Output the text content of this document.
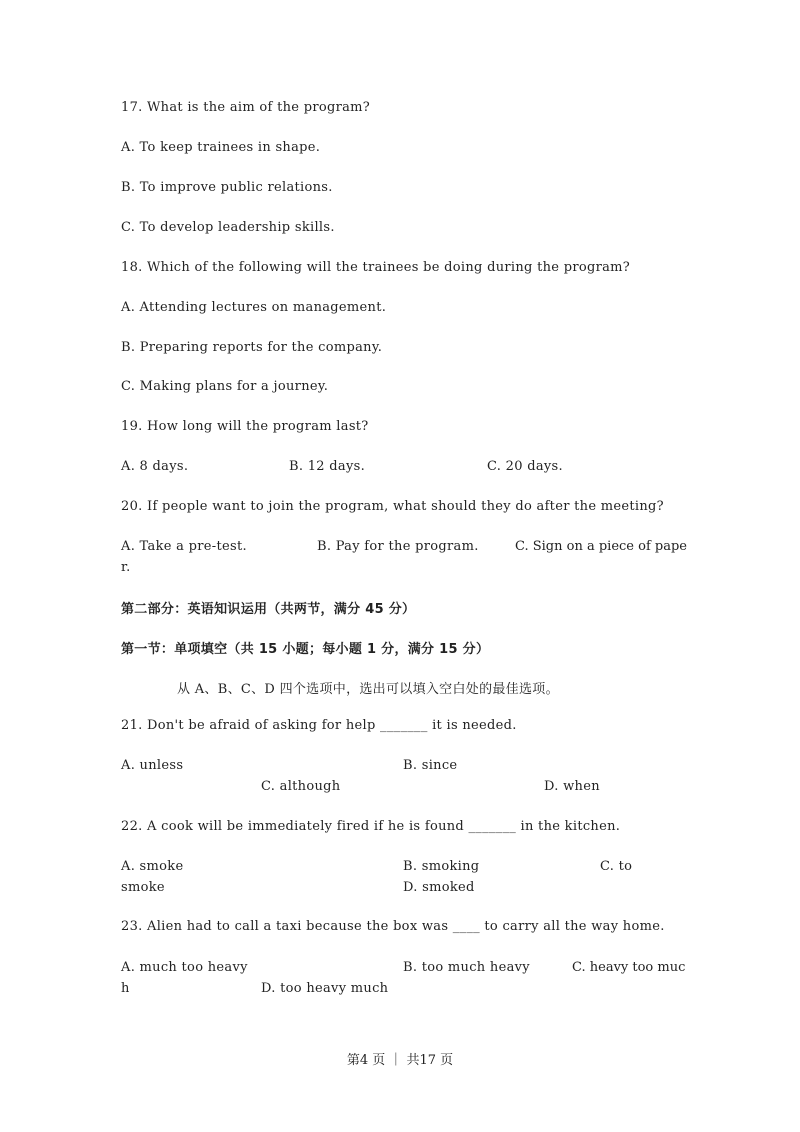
17. What is the aim of the program?
A. To keep trainees in shape.
B. To improve public relations.
C. To develop leadership skills.
18. Which of the following will the trainees be doing during the program?
A. Attending lectures on management.
B. Preparing reports for the company.
C. Making plans for a journey.
19. How long will the program last?
A. 8 days.	B. 12 days.	C. 20 days.
20. If people want to join the program, what should they do after the meeting?
A. Take a pre-test.	B. Pay for the program.	C. Sign on a piece of pape
r.
第二部分：英语知识运用（共两节，满分 45 分）
第一节：单项填空（共 15 小题；每小题 1 分，满分 15 分）
从 A、B、C、D 四个选项中，选出可以填入空白处的最佳选项。
21. Don't be afraid of asking for help _______ it is needed.
A. unless	B. since
C. although	D. when
22. A cook will be immediately fired if he is found _______ in the kitchen.
A. smoke	B. smoking	C. to
smoke	D. smoked
23. Alien had to call a taxi because the box was ____ to carry all the way home.
A. much too heavy	B. too much heavy	C. heavy too muc
h	D. too heavy much
第4 页 ｜ 共17 页
